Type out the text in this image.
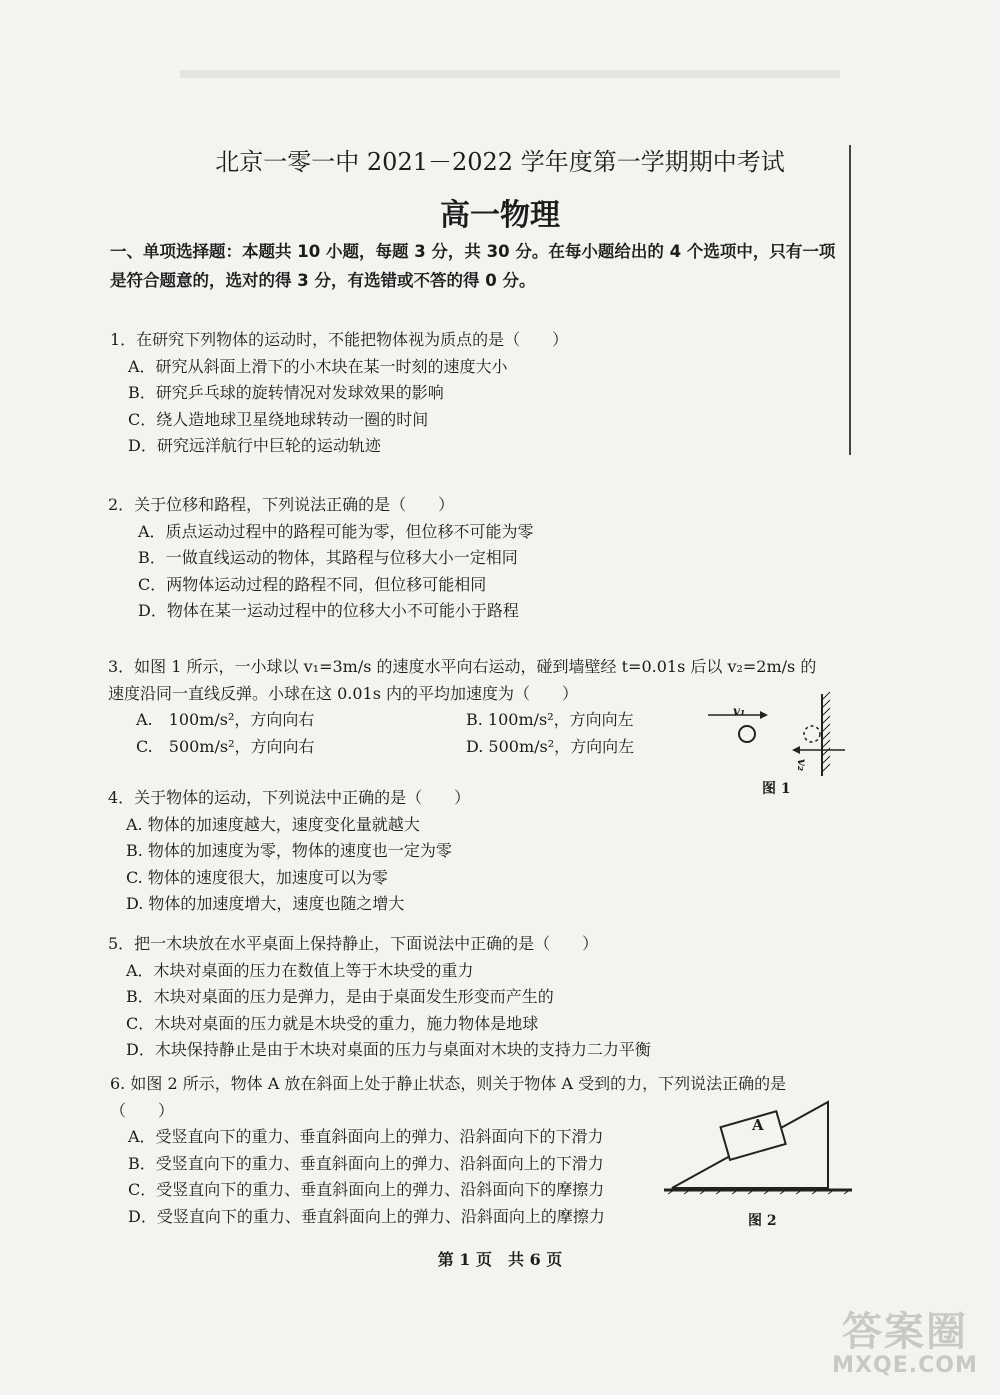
北京一零一中 2021－2022 学年度第一学期期中考试
高一物理
一、单项选择题：本题共 10 小题，每题 3 分，共 30 分。在每小题给出的 4 个选项中，只有一项是符合题意的，选对的得 3 分，有选错或不答的得 0 分。
1．在研究下列物体的运动时，不能把物体视为质点的是（　　）
A．研究从斜面上滑下的小木块在某一时刻的速度大小
B．研究乒乓球的旋转情况对发球效果的影响
C．绕人造地球卫星绕地球转动一圈的时间
D．研究远洋航行中巨轮的运动轨迹
2．关于位移和路程，下列说法正确的是（　　）
A．质点运动过程中的路程可能为零，但位移不可能为零
B．一做直线运动的物体，其路程与位移大小一定相同
C．两物体运动过程的路程不同，但位移可能相同
D．物体在某一运动过程中的位移大小不可能小于路程
3．如图 1 所示，一小球以 v₁=3m/s 的速度水平向右运动，碰到墙壁经 t=0.01s 后以 v₂=2m/s 的速度沿同一直线反弹。小球在这 0.01s 内的平均加速度为（　　）
A.　100m/s²，方向向右	B. 100m/s²，方向向左
C.　500m/s²，方向向右	D. 500m/s²，方向向左
v₁
v₂
图 1
4．关于物体的运动，下列说法中正确的是（　　）
A. 物体的加速度越大，速度变化量就越大
B. 物体的加速度为零，物体的速度也一定为零
C. 物体的速度很大，加速度可以为零
D. 物体的加速度增大，速度也随之增大
5．把一木块放在水平桌面上保持静止，下面说法中正确的是（　　）
A．木块对桌面的压力在数值上等于木块受的重力
B．木块对桌面的压力是弹力，是由于桌面发生形变而产生的
C．木块对桌面的压力就是木块受的重力，施力物体是地球
D．木块保持静止是由于木块对桌面的压力与桌面对木块的支持力二力平衡
6. 如图 2 所示，物体 A 放在斜面上处于静止状态，则关于物体 A 受到的力，下列说法正确的是（　　）
A．受竖直向下的重力、垂直斜面向上的弹力、沿斜面向下的下滑力
B．受竖直向下的重力、垂直斜面向上的弹力、沿斜面向上的下滑力
C．受竖直向下的重力、垂直斜面向上的弹力、沿斜面向下的摩擦力
D．受竖直向下的重力、垂直斜面向上的弹力、沿斜面向上的摩擦力
A
图 2
第 1 页　共 6 页
答案圈
MXQE.COM
